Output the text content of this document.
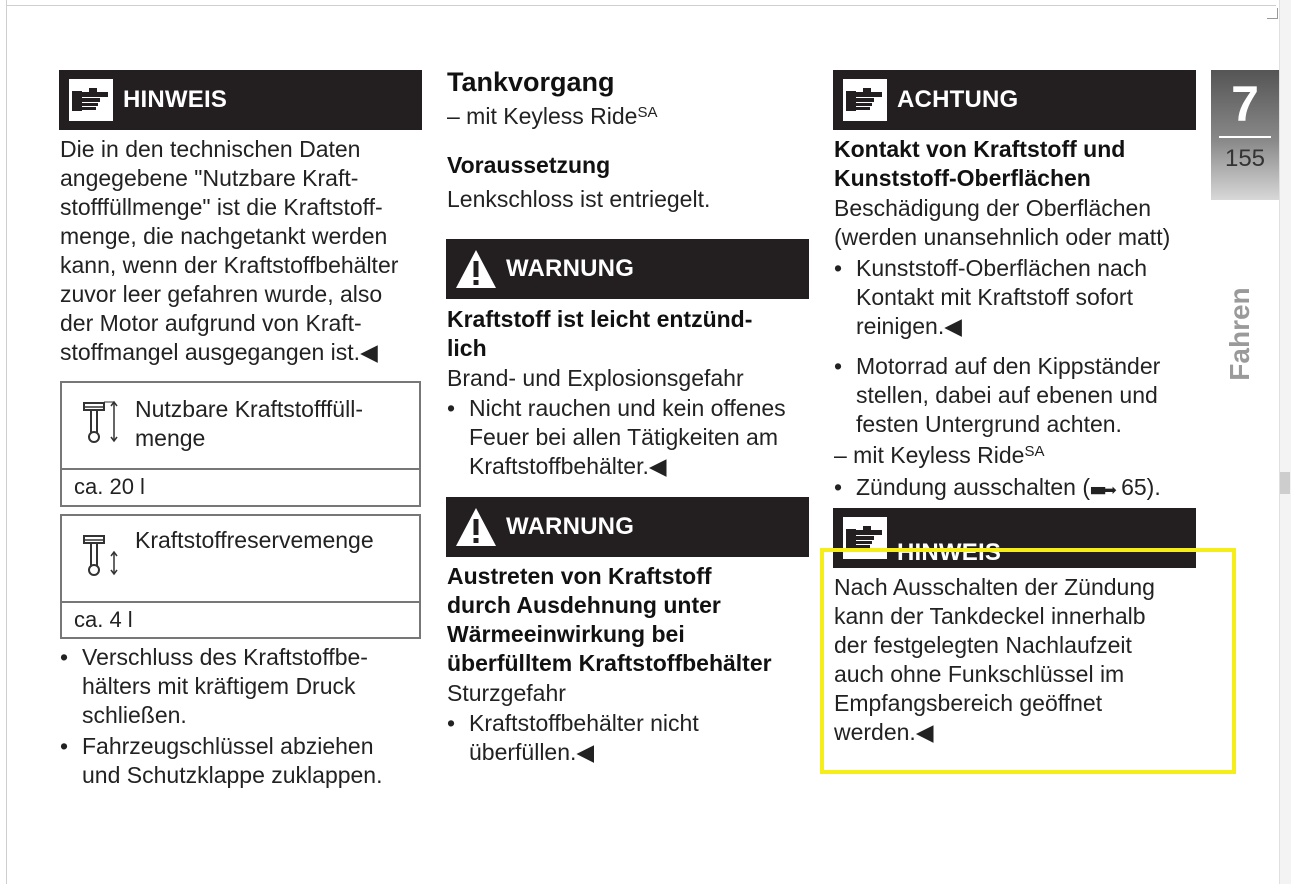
HINWEIS
Die in den technischen Daten
angegebene "Nutzbare Kraft-
stofffüllmenge" ist die Kraftstoff-
menge, die nachgetankt werden
kann, wenn der Kraftstoffbehälter
zuvor leer gefahren wurde, also
der Motor aufgrund von Kraft-
stoffmangel ausgegangen ist.◀
Nutzbare Kraftstofffüll-
menge
ca. 20 l
Kraftstoffreservemenge
ca. 4 l
• Verschluss des Kraftstoffbe-
hälters mit kräftigem Druck
schließen.
• Fahrzeugschlüssel abziehen
und Schutzklappe zuklappen.
Tankvorgang
– mit Keyless Ride$^{SA}$
Voraussetzung
Lenkschloss ist entriegelt.
WARNUNG
Kraftstoff ist leicht entzünd-
lich
Brand- und Explosionsgefahr
• Nicht rauchen und kein offenes
Feuer bei allen Tätigkeiten am
Kraftstoffbehälter.◀
WARNUNG
Austreten von Kraftstoff
durch Ausdehnung unter
Wärmeeinwirkung bei
überfülltem Kraftstoffbehälter
Sturzgefahr
• Kraftstoffbehälter nicht
überfüllen.◀
ACHTUNG
Kontakt von Kraftstoff und
Kunststoff-Oberflächen
Beschädigung der Oberflächen
(werden unansehnlich oder matt)
• Kunststoff-Oberflächen nach
Kontakt mit Kraftstoff sofort
reinigen.◀
• Motorrad auf den Kippständer
stellen, dabei auf ebenen und
festen Untergrund achten.
– mit Keyless Ride$^{SA}$
• Zündung ausschalten (■■➡ 65).
HINWEIS
Nach Ausschalten der Zündung
kann der Tankdeckel innerhalb
der festgelegten Nachlaufzeit
auch ohne Funkschlüssel im
Empfangsbereich geöffnet
werden.◀
7
155
Fahren
